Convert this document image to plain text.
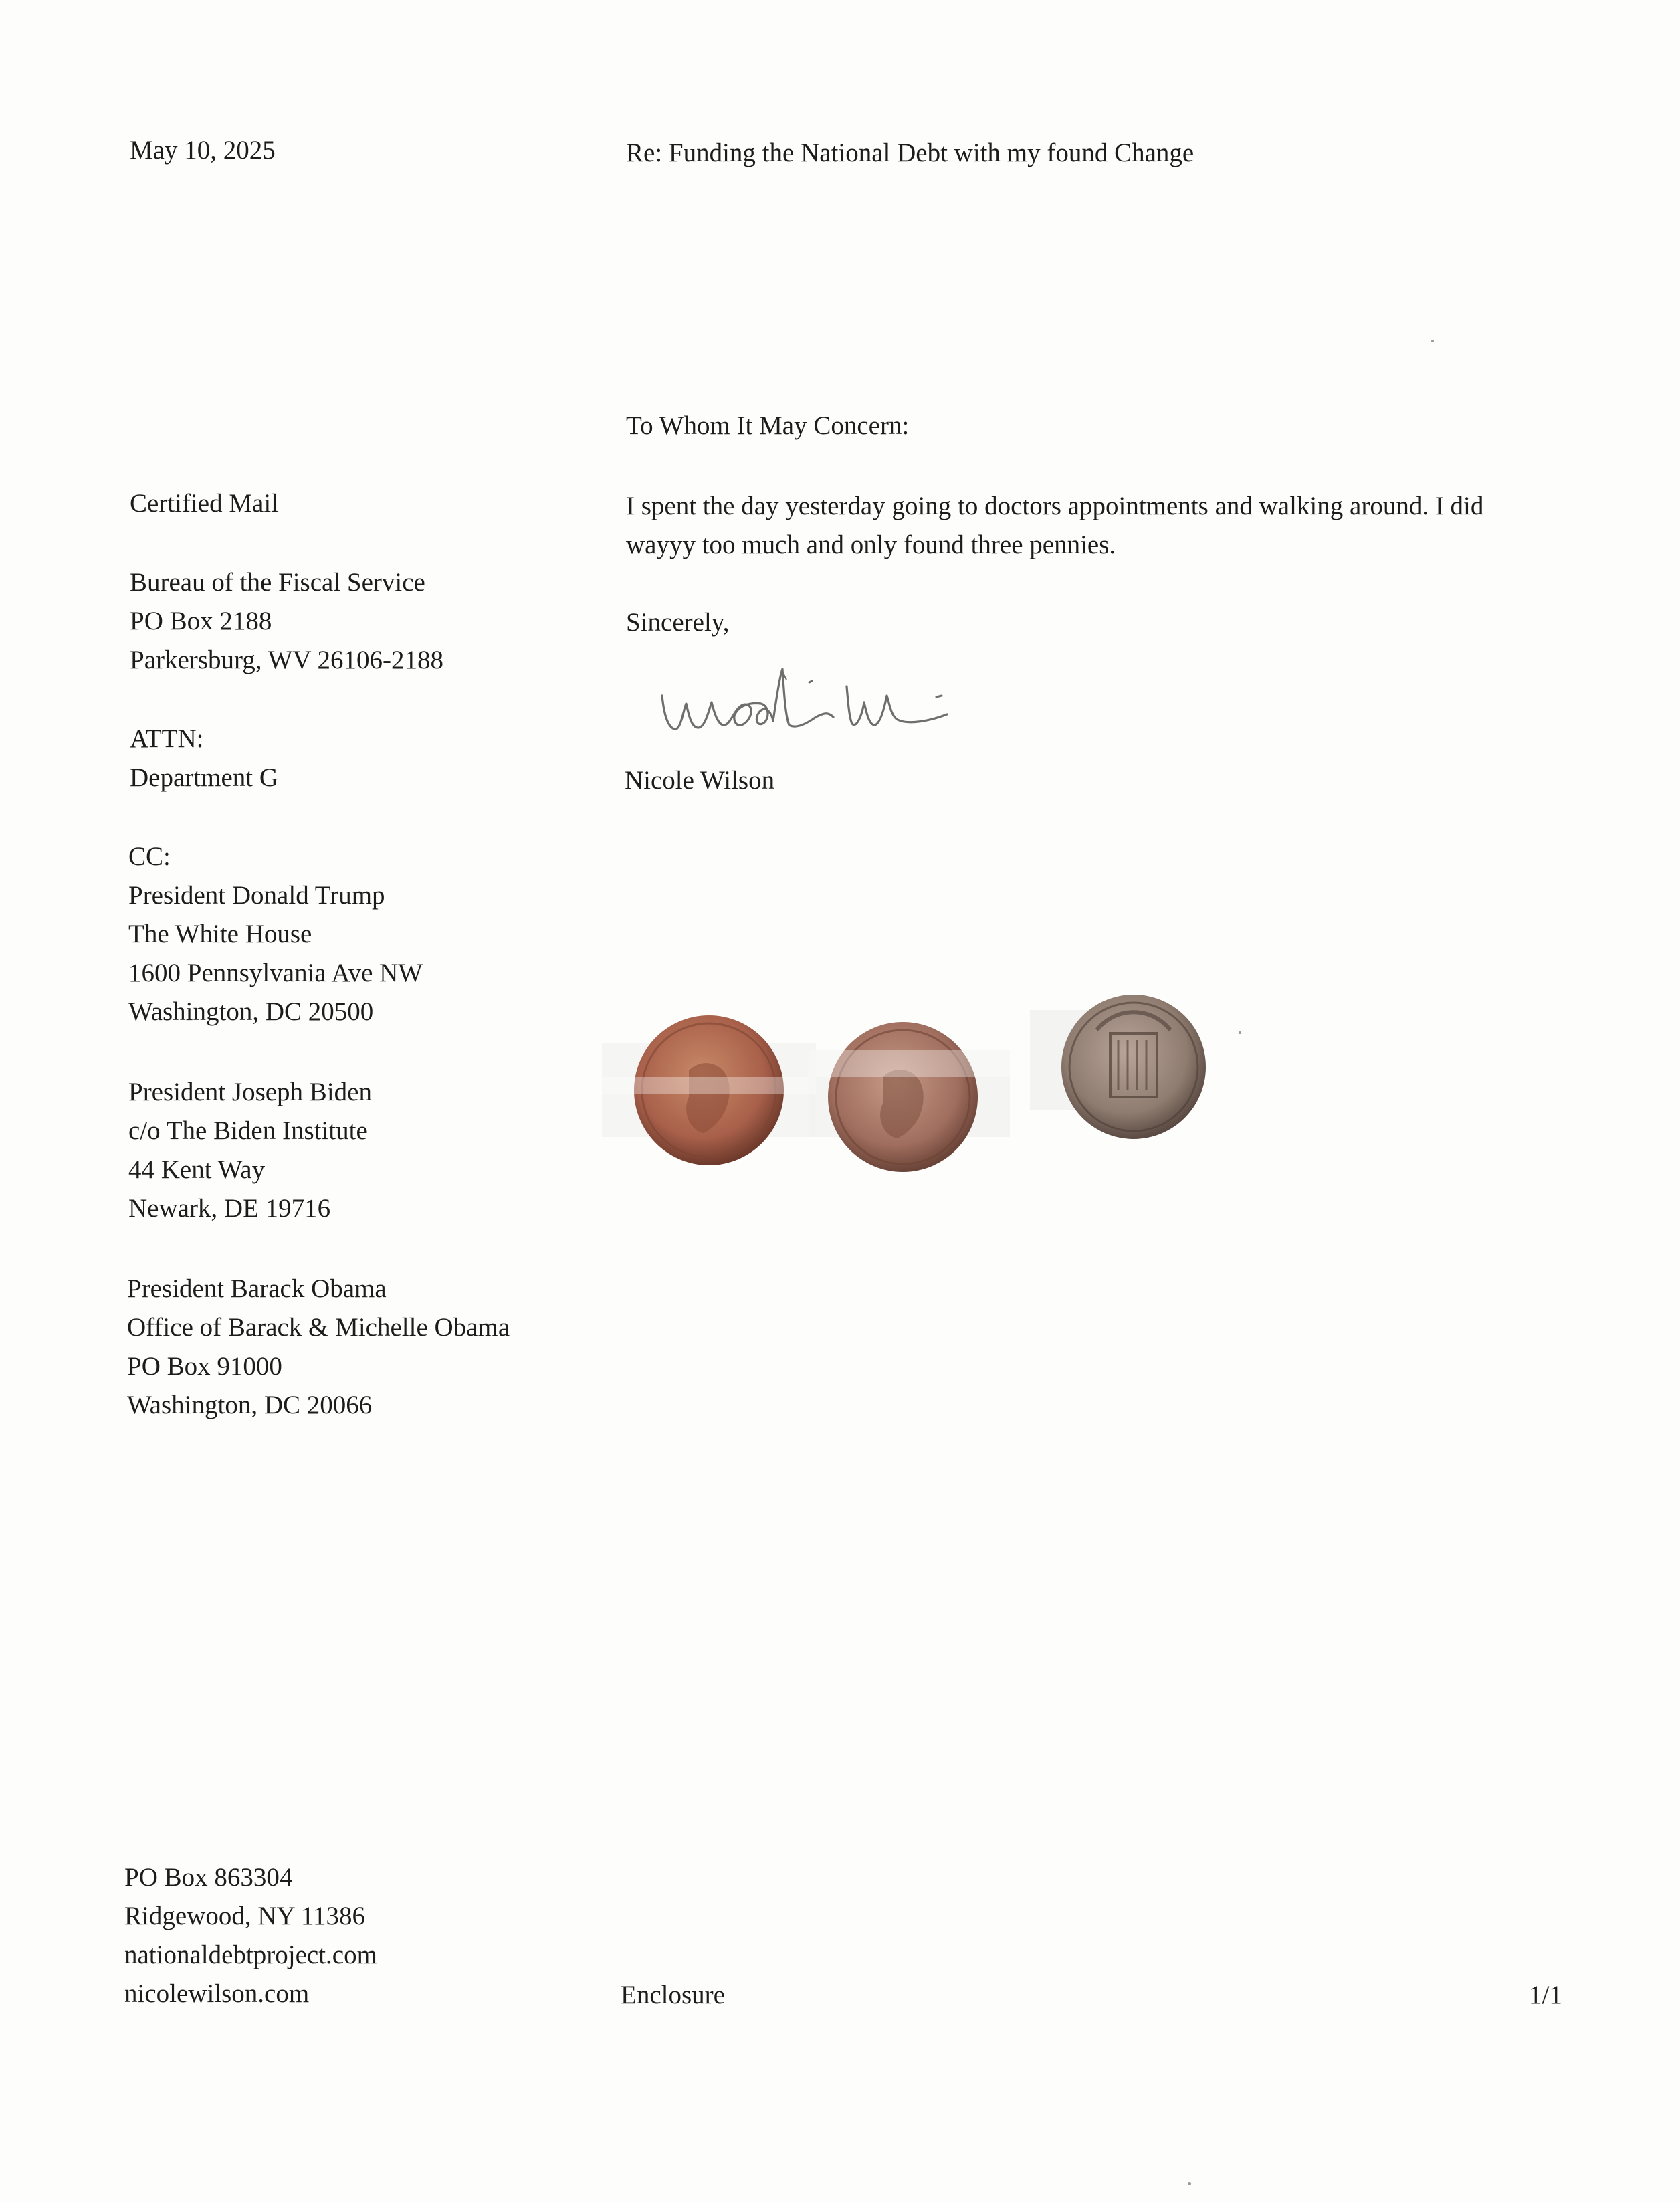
May 10, 2025	Re: Funding the National Debt with my found Change
Certified Mail
Bureau of the Fiscal Service
PO Box 2188
Parkersburg, WV 26106-2188
ATTN:
Department G
CC:
President Donald Trump
The White House
1600 Pennsylvania Ave NW
Washington, DC 20500
President Joseph Biden
c/o The Biden Institute
44 Kent Way
Newark, DE 19716
President Barack Obama
Office of Barack & Michelle Obama
PO Box 91000
Washington, DC 20066
To Whom It May Concern:
I spent the day yesterday going to doctors appointments and walking around. I did
wayyy too much and only found three pennies.
Sincerely,
Nicole Wilson
PO Box 863304
Ridgewood, NY 11386
nationaldebtproject.com
nicolewilson.com	Enclosure	1/1
